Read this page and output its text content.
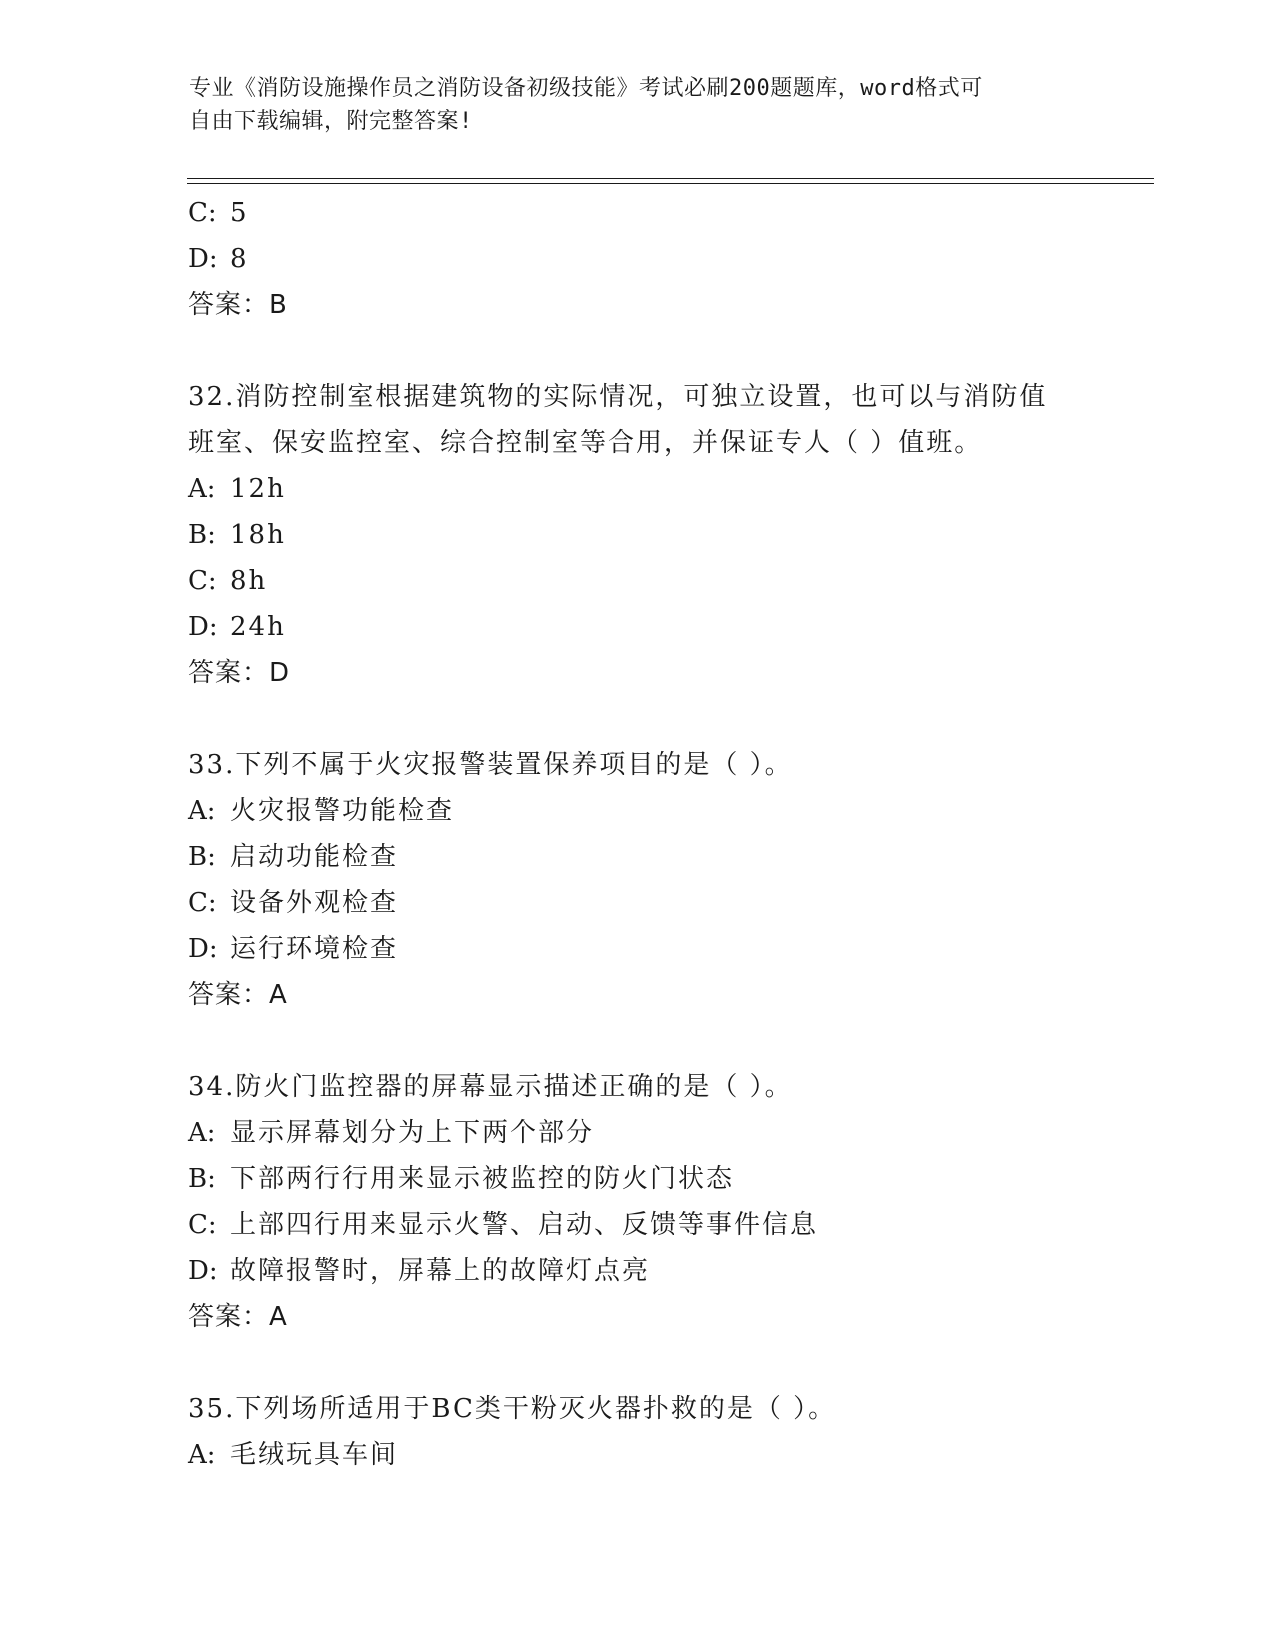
专业《消防设施操作员之消防设备初级技能》考试必刷200题题库，word格式可
自由下载编辑，附完整答案!
C: 5
D: 8
答案：B
32.消防控制室根据建筑物的实际情况，可独立设置，也可以与消防值
班室、保安监控室、综合控制室等合用，并保证专人（ ）值班。
A: 12h
B: 18h
C: 8h
D: 24h
答案：D
33.下列不属于火灾报警装置保养项目的是（ ）。
A: 火灾报警功能检查
B: 启动功能检查
C: 设备外观检查
D: 运行环境检查
答案：A
34.防火门监控器的屏幕显示描述正确的是（ ）。
A: 显示屏幕划分为上下两个部分
B: 下部两行行用来显示被监控的防火门状态
C: 上部四行用来显示火警、启动、反馈等事件信息
D: 故障报警时，屏幕上的故障灯点亮
答案：A
35.下列场所适用于BC类干粉灭火器扑救的是（ ）。
A: 毛绒玩具车间
